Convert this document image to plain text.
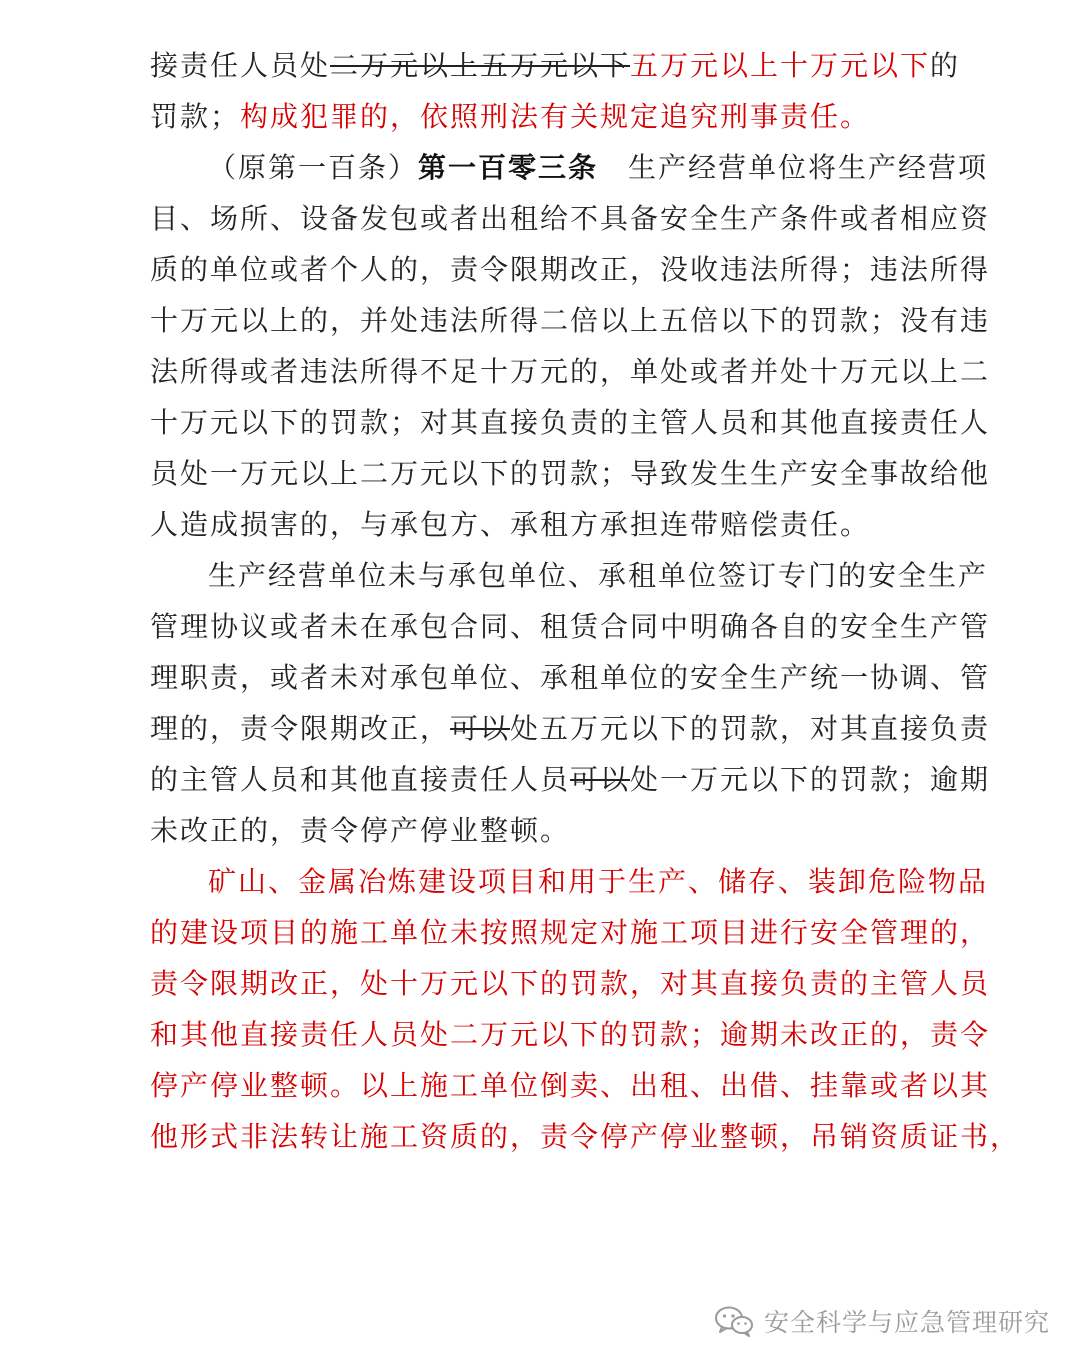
接责任人员处二万元以上五万元以下五万元以上十万元以下的
罚款；构成犯罪的，依照刑法有关规定追究刑事责任。
（原第一百条）第一百零三条 生产经营单位将生产经营项
目、场所、设备发包或者出租给不具备安全生产条件或者相应资
质的单位或者个人的，责令限期改正，没收违法所得；违法所得
十万元以上的，并处违法所得二倍以上五倍以下的罚款；没有违
法所得或者违法所得不足十万元的，单处或者并处十万元以上二
十万元以下的罚款；对其直接负责的主管人员和其他直接责任人
员处一万元以上二万元以下的罚款；导致发生生产安全事故给他
人造成损害的，与承包方、承租方承担连带赔偿责任。
生产经营单位未与承包单位、承租单位签订专门的安全生产
管理协议或者未在承包合同、租赁合同中明确各自的安全生产管
理职责，或者未对承包单位、承租单位的安全生产统一协调、管
理的，责令限期改正，可以处五万元以下的罚款，对其直接负责
的主管人员和其他直接责任人员可以处一万元以下的罚款；逾期
未改正的，责令停产停业整顿。
矿山、金属冶炼建设项目和用于生产、储存、装卸危险物品
的建设项目的施工单位未按照规定对施工项目进行安全管理的，
责令限期改正，处十万元以下的罚款，对其直接负责的主管人员
和其他直接责任人员处二万元以下的罚款；逾期未改正的，责令
停产停业整顿。以上施工单位倒卖、出租、出借、挂靠或者以其
他形式非法转让施工资质的，责令停产停业整顿，吊销资质证书，
安全科学与应急管理研究
